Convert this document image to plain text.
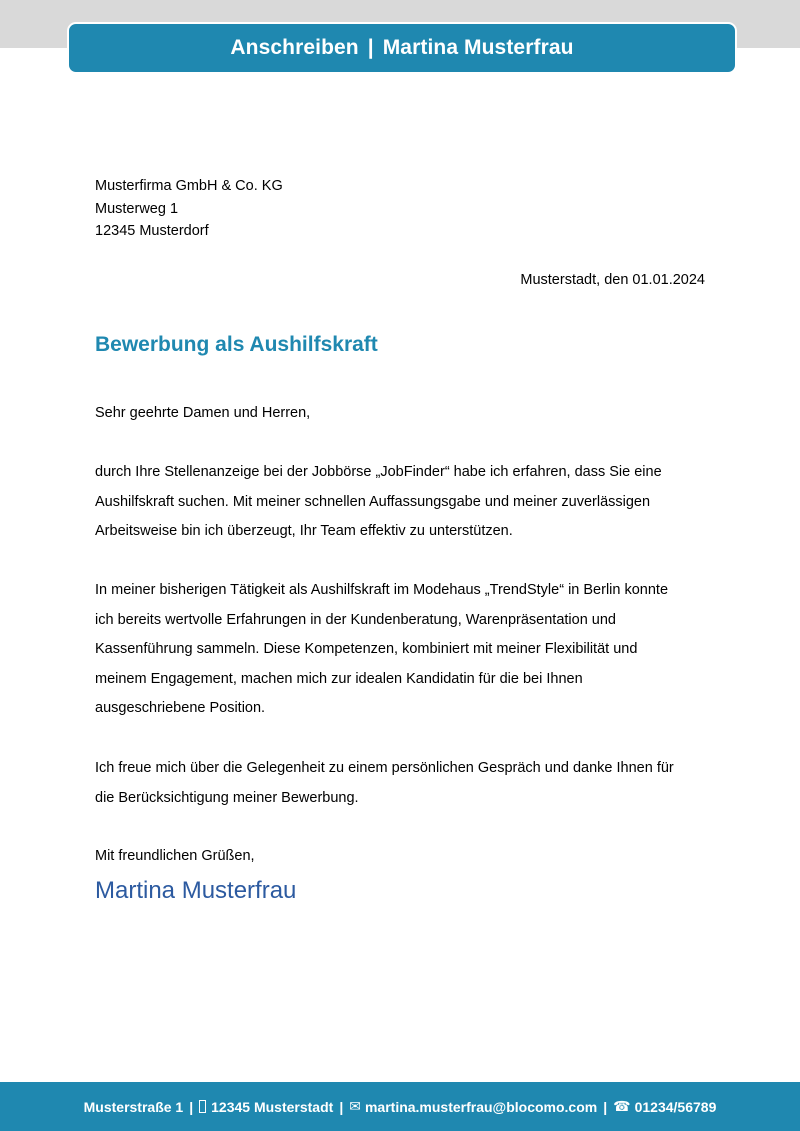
Anschreiben | Martina Musterfrau
Musterfirma GmbH & Co. KG
Musterweg 1
12345 Musterdorf
Musterstadt, den 01.01.2024
Bewerbung als Aushilfskraft
Sehr geehrte Damen und Herren,
durch Ihre Stellenanzeige bei der Jobbörse „JobFinder“ habe ich erfahren, dass Sie eine
Aushilfskraft suchen. Mit meiner schnellen Auffassungsgabe und meiner zuverlässigen
Arbeitsweise bin ich überzeugt, Ihr Team effektiv zu unterstützen.
In meiner bisherigen Tätigkeit als Aushilfskraft im Modehaus „TrendStyle“ in Berlin konnte
ich bereits wertvolle Erfahrungen in der Kundenberatung, Warenpräsentation und
Kassenführung sammeln. Diese Kompetenzen, kombiniert mit meiner Flexibilität und
meinem Engagement, machen mich zur idealen Kandidatin für die bei Ihnen
ausgeschriebene Position.
Ich freue mich über die Gelegenheit zu einem persönlichen Gespräch und danke Ihnen für
die Berücksichtigung meiner Bewerbung.
Mit freundlichen Grüßen,
Martina Musterfrau
Musterstraße 1 | 12345 Musterstadt | ✉ martina.musterfrau@blocomo.com | ☎ 01234/56789
